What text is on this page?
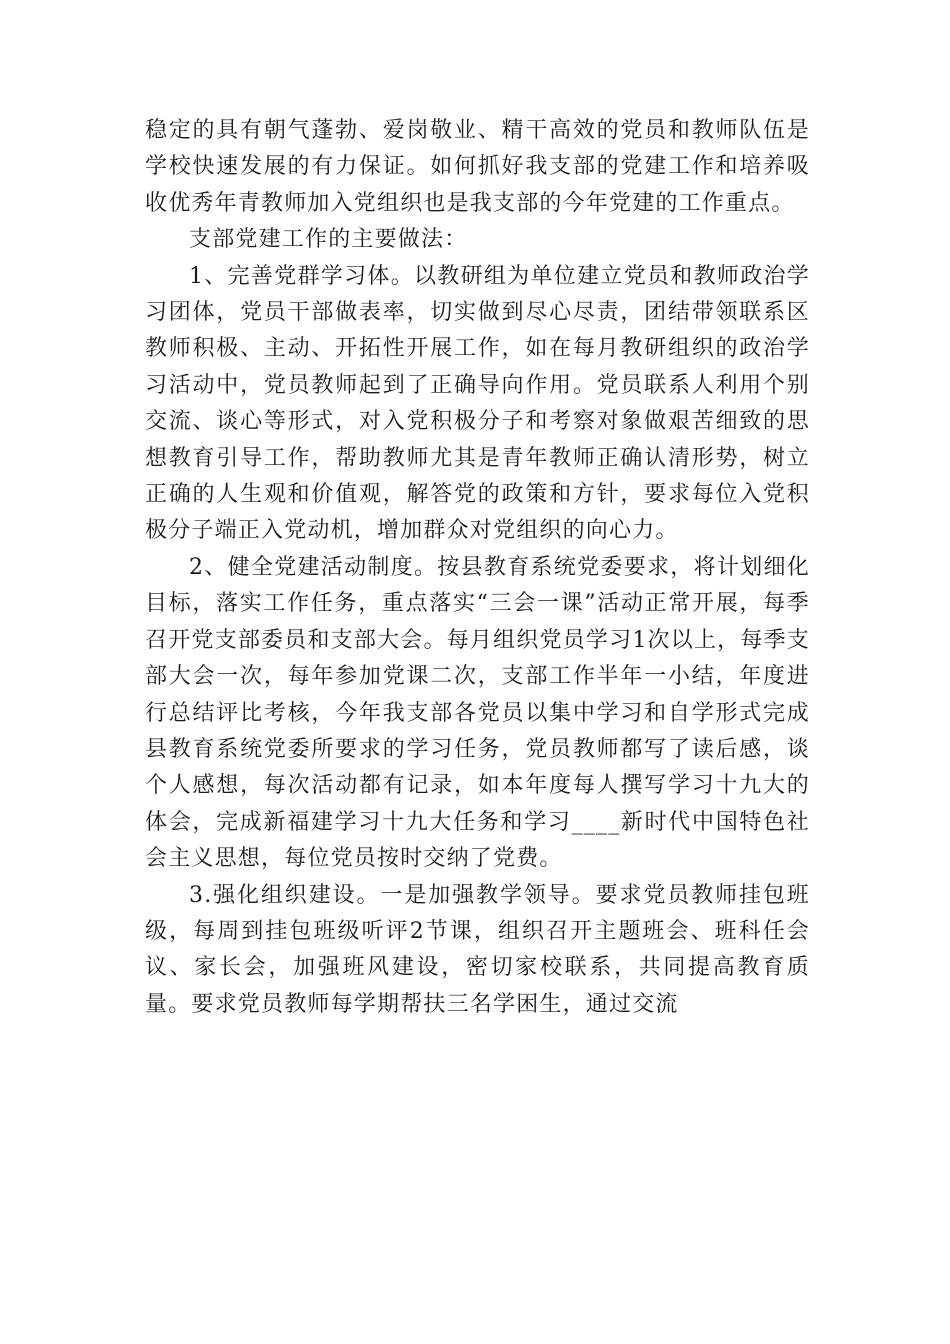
稳定的具有朝气蓬勃、爱岗敬业、精干高效的党员和教师队伍是学校快速发展的有力保证。如何抓好我支部的党建工作和培养吸收优秀年青教师加入党组织也是我支部的今年党建的工作重点。

支部党建工作的主要做法：

1、完善党群学习体。以教研组为单位建立党员和教师政治学习团体，党员干部做表率，切实做到尽心尽责，团结带领联系区教师积极、主动、开拓性开展工作，如在每月教研组织的政治学习活动中，党员教师起到了正确导向作用。党员联系人利用个别交流、谈心等形式，对入党积极分子和考察对象做艰苦细致的思想教育引导工作，帮助教师尤其是青年教师正确认清形势，树立正确的人生观和价值观，解答党的政策和方针，要求每位入党积极分子端正入党动机，增加群众对党组织的向心力。

2、健全党建活动制度。按县教育系统党委要求，将计划细化目标，落实工作任务，重点落实“三会一课”活动正常开展，每季召开党支部委员和支部大会。每月组织党员学习1次以上，每季支部大会一次，每年参加党课二次，支部工作半年一小结，年度进行总结评比考核，今年我支部各党员以集中学习和自学形式完成县教育系统党委所要求的学习任务，党员教师都写了读后感，谈个人感想，每次活动都有记录，如本年度每人撰写学习十九大的体会，完成新福建学习十九大任务和学习____新时代中国特色社会主义思想，每位党员按时交纳了党费。

3.强化组织建设。一是加强教学领导。要求党员教师挂包班级，每周到挂包班级听评2节课，组织召开主题班会、班科任会议、家长会，加强班风建设，密切家校联系，共同提高教育质量。要求党员教师每学期帮扶三名学困生，通过交流
